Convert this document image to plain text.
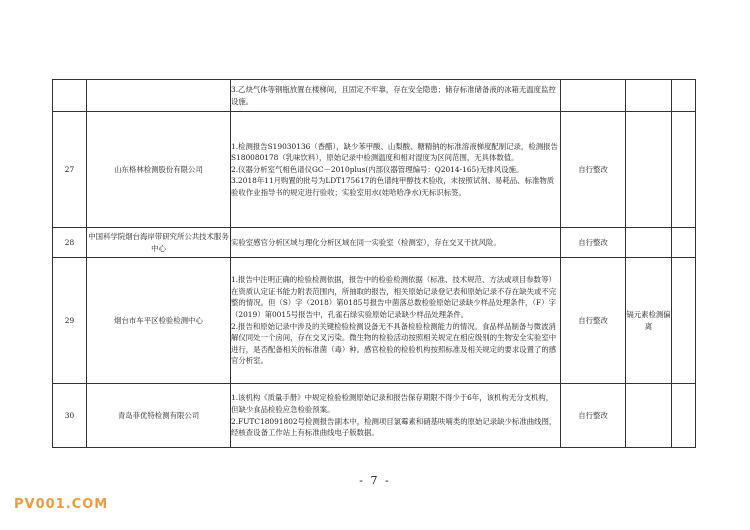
		3.乙炔气体等钢瓶放置在楼梯间，且固定不牢靠，存在安全隐患；储存标准储备液的冰箱无温度监控设施。			

27	山东格林检测股份有限公司	1.检测报告S19030136（香醋），缺少苯甲酸、山梨酸、糖精钠的标准溶液梯度配制记录，检测报告S180080178（乳味饮料），原始记录中检测温度和相对湿度为区间范围，无具体数值。
2.仪器分析室气相色谱仪GC－2010plus(内部仪器管理编号：Q2014-165)无排风设施。
3.2018年11月购置的批号为LDT175617的色谱纯甲醇技术验收，未按照试剂、易耗品、标准物质验收作业指导书的规定进行验收；实验室用水(娃哈哈净水)无标识标签。	自行整改		
28	中国科学院烟台海岸带研究所公共技术服务中心	实验室感官分析区域与理化分析区域在同一实验室（检测室），存在交叉干扰风险。	自行整改		
29	烟台市车平区检验检测中心	1.报告中注明正确的检验检测依据，报告中的检验检测依据（标准、技术规范、方法或项目参数等）在资质认定证书能力附表范围内，所抽取的报告，相关原始记录登记表和原始记录不存在缺失或不完整的情况。但（S）字（2018）第0185号报告中菌落总数检验原始记录缺少样品处理条件，（F）字（2019）第0015号报告中，孔雀石绿实验原始记录缺少样品处理条件。
2.报告和原始记录中涉及的关键检验检测设备无不具备检验检测能力的情况。食品样品制备与微波消解仪同处一个房间，存在交叉污染。微生物的检验活动按照相关规定在相应级别的生物安全实验室中进行，是否配备相关的标准菌（毒）种。感官检验的检验机构按照标准及相关规定的要求设置了的感官分析室。	自行整改	镉元素检测偏离	
30	青岛菲优特检测有限公司	1.该机构《质量手册》中规定检验检测原始记录和报告保存期限不得少于6年，该机构无分支机构，但缺少食品检验应急检验预案。
2.FUTC18091802号检测报告副本中，检测项目氯霉素和硝基呋喃类的原始记录缺少标准曲线图，经核查设备工作站上有标准曲线电子版数据。	自行整改		
- 7 -
PV001.COM
